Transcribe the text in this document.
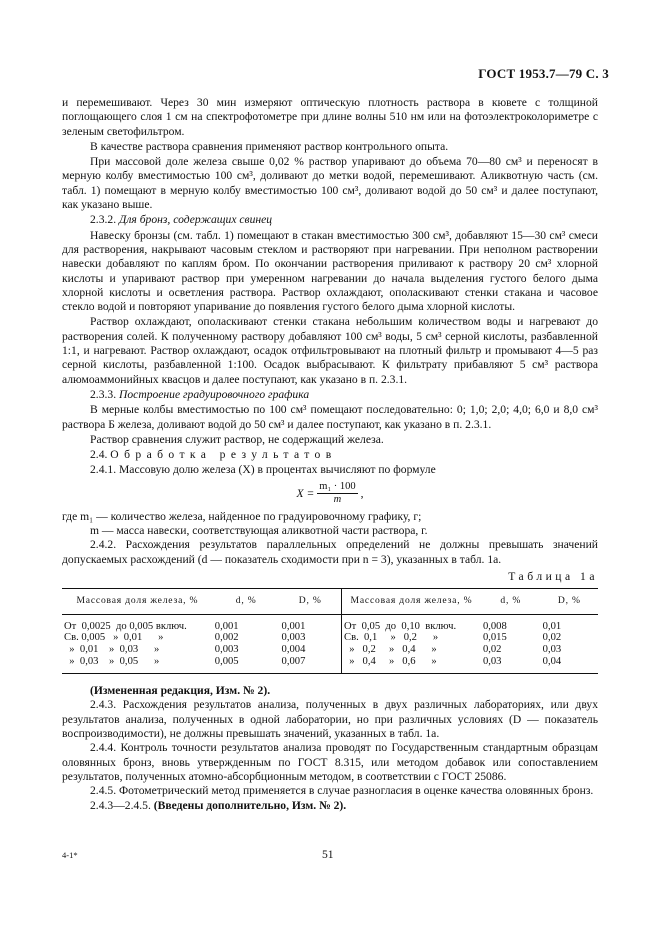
ГОСТ 1953.7—79 С. 3

и перемешивают. Через 30 мин измеряют оптическую плотность раствора в кювете с толщиной поглощающего слоя 1 см на спектрофотометре при длине волны 510 нм или на фотоэлектроколориметре с зеленым светофильтром.

В качестве раствора сравнения применяют раствор контрольного опыта.

При массовой доле железа свыше 0,02 % раствор упаривают до объема 70—80 см³ и переносят в мерную колбу вместимостью 100 см³, доливают до метки водой, перемешивают. Аликвотную часть (см. табл. 1) помещают в мерную колбу вместимостью 100 см³, доливают водой до 50 см³ и далее поступают, как указано выше.

2.3.2. Для бронз, содержащих свинец

Навеску бронзы (см. табл. 1) помещают в стакан вместимостью 300 см³, добавляют 15—30 см³ смеси для растворения, накрывают часовым стеклом и растворяют при нагревании. При неполном растворении навески добавляют по каплям бром. По окончании растворения приливают к раствору 20 см³ хлорной кислоты и упаривают раствор при умеренном нагревании до начала выделения густого белого дыма хлорной кислоты и осветления раствора. Раствор охлаждают, ополаскивают стенки стакана и часовое стекло водой и повторяют упаривание до появления густого белого дыма хлорной кислоты.

Раствор охлаждают, ополаскивают стенки стакана небольшим количеством воды и нагревают до растворения солей. К полученному раствору добавляют 100 см³ воды, 5 см³ серной кислоты, разбавленной 1:1, и нагревают. Раствор охлаждают, осадок отфильтровывают на плотный фильтр и промывают 4—5 раз серной кислоты, разбавленной 1:100. Осадок выбрасывают. К фильтрату прибавляют 5 см³ раствора алюмоаммонийных квасцов и далее поступают, как указано в п. 2.3.1.

2.3.3. Построение градуировочного графика

В мерные колбы вместимостью по 100 см³ помещают последовательно: 0; 1,0; 2,0; 4,0; 6,0 и 8,0 см³ раствора Б железа, доливают водой до 50 см³ и далее поступают, как указано в п. 2.3.1.

Раствор сравнения служит раствор, не содержащий железа.

2.4. Обработка результатов

2.4.1. Массовую долю железа (X) в процентах вычисляют по формуле

$X = \frac{\text{m₁ · 100}}{m}$ ,

где m₁ — количество железа, найденное по градуировочному графику, г;

m — масса навески, соответствующая аликвотной части раствора, г.

2.4.2. Расхождения результатов параллельных определений не должны превышать значений допускаемых расхождений (d — показатель сходимости при n = 3), указанных в табл. 1а.

Таблица 1а
Массовая доля железа, %	d, %	D, %	Массовая доля железа, %	d, %	D, %
От  0,0025  до 0,005 включ.	0,001	0,001	От  0,05  до  0,10  включ.	0,008	0,01
Св. 0,005   »  0,01      »	0,002	0,003	Св.  0,1     »   0,2      »	0,015	0,02
»  0,01    »  0,03      »	0,003	0,004	»   0,2     »   0,4      »	0,02	0,03
»  0,03    »  0,05      »	0,005	0,007	»   0,4     »   0,6      »	0,03	0,04

(Измененная редакция, Изм. № 2).

2.4.3. Расхождения результатов анализа, полученных в двух различных лабораториях, или двух результатов анализа, полученных в одной лаборатории, но при различных условиях (D — показатель воспроизводимости), не должны превышать значений, указанных в табл. 1а.

2.4.4. Контроль точности результатов анализа проводят по Государственным стандартным образцам оловянных бронз, вновь утвержденным по ГОСТ 8.315, или методом добавок или сопоставлением результатов, полученных атомно-абсорбционным методом, в соответствии с ГОСТ 25086.

2.4.5. Фотометрический метод применяется в случае разногласия в оценке качества оловянных бронз.

2.4.3—2.4.5. (Введены дополнительно, Изм. № 2).

4-1*	51
